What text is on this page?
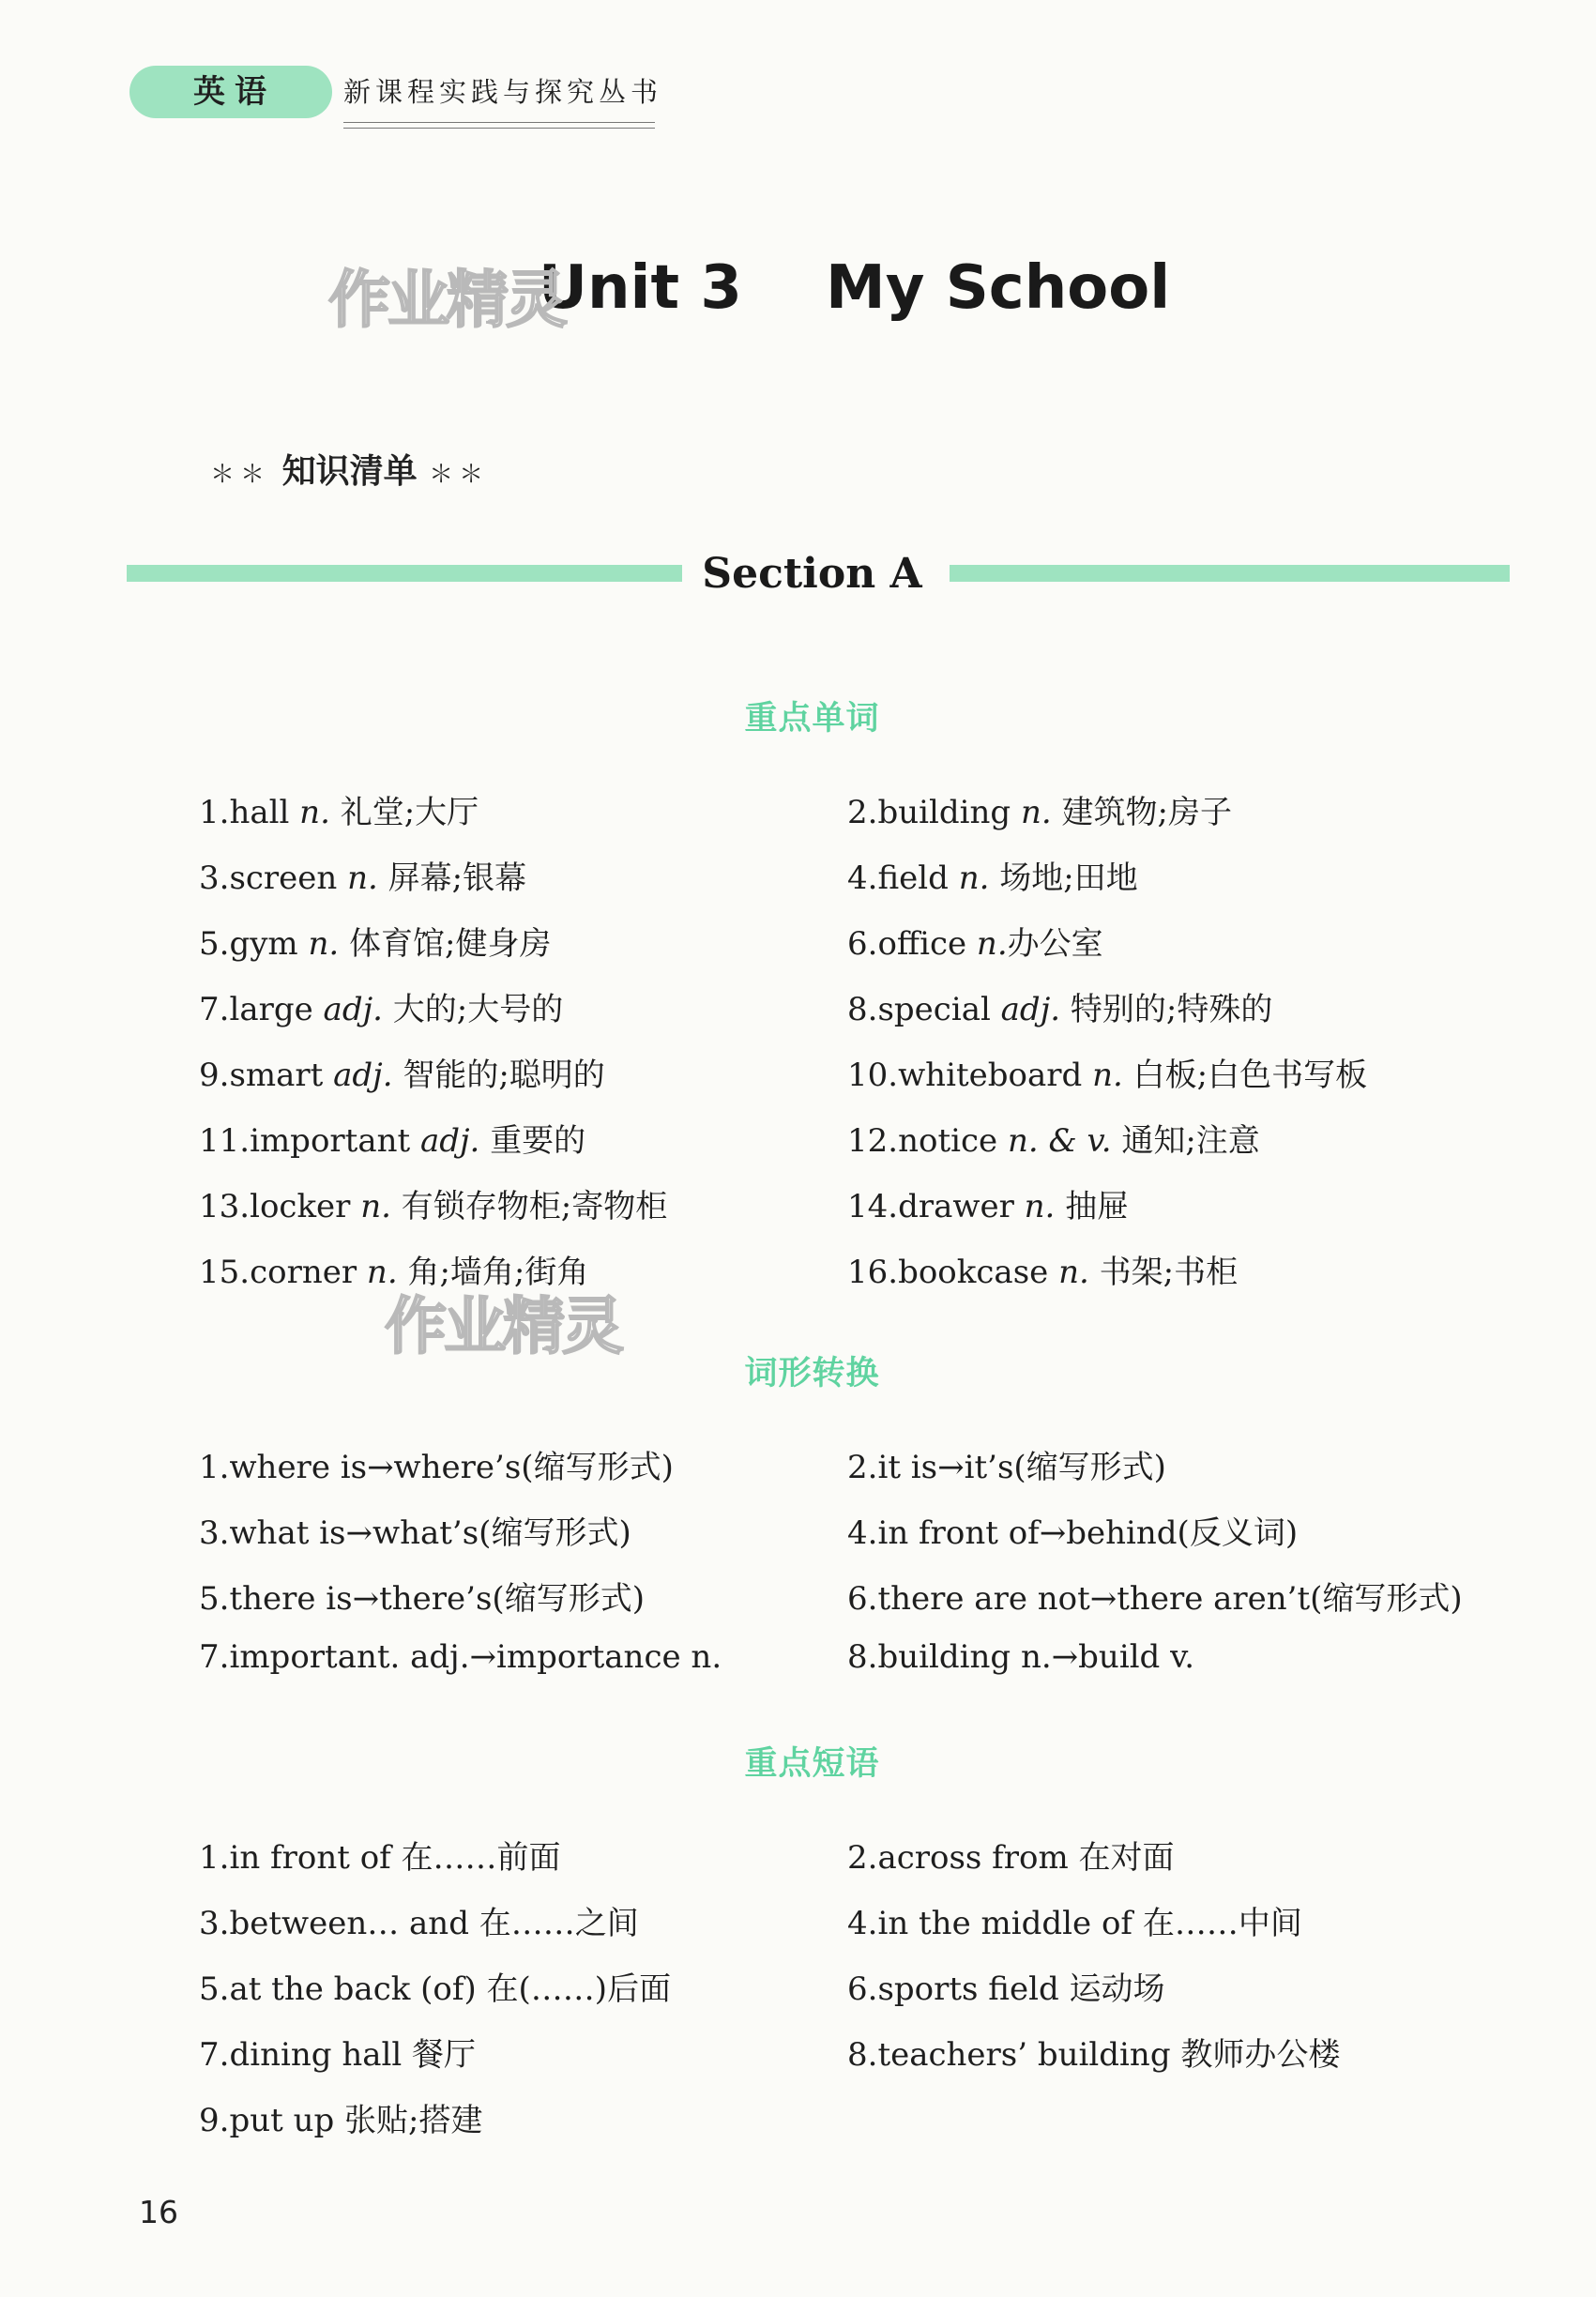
英语	新课程实践与探究丛书
Unit 3    My School
作业精灵
＊＊ 知识清单 ＊＊
Section A
重点单词
1.hall n. 礼堂;大厅	2.building n. 建筑物;房子
3.screen n. 屏幕;银幕	4.field n. 场地;田地
5.gym n. 体育馆;健身房	6.office n.办公室
7.large adj. 大的;大号的	8.special adj. 特别的;特殊的
9.smart adj. 智能的;聪明的	10.whiteboard n. 白板;白色书写板
11.important adj. 重要的	12.notice n. & v. 通知;注意
13.locker n. 有锁存物柜;寄物柜	14.drawer n. 抽屉
15.corner n. 角;墙角;街角	16.bookcase n. 书架;书柜
作业精灵
词形转换
1.where is→where’s(缩写形式)	2.it is→it’s(缩写形式)
3.what is→what’s(缩写形式)	4.in front of→behind(反义词)
5.there is→there’s(缩写形式)	6.there are not→there aren’t(缩写形式)
7.important. adj.→importance n.	8.building n.→build v.
重点短语
1.in front of 在……前面	2.across from 在对面
3.between… and 在……之间	4.in the middle of 在……中间
5.at the back (of) 在(……)后面	6.sports field 运动场
7.dining hall 餐厅	8.teachers’ building 教师办公楼
9.put up 张贴;搭建
16
